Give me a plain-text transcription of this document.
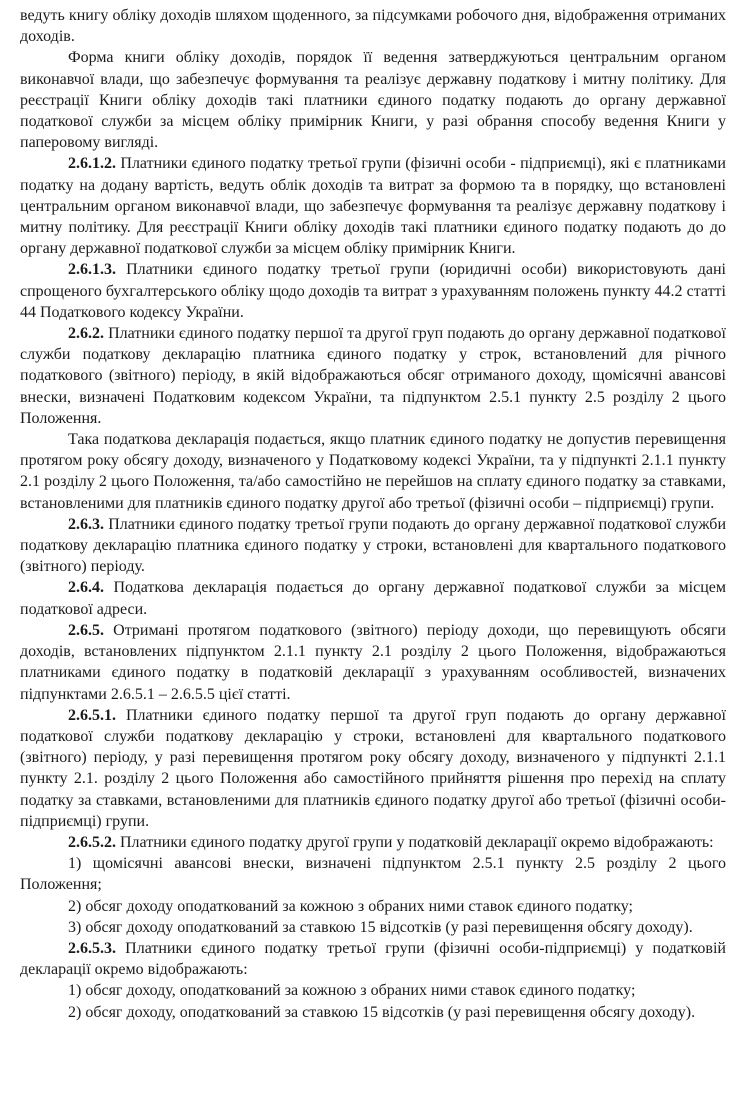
ведуть книгу обліку доходів шляхом щоденного, за підсумками робочого дня, відображення отриманих доходів.

Форма книги обліку доходів, порядок її ведення затверджуються центральним органом виконавчої влади, що забезпечує формування та реалізує державну податкову і митну політику. Для реєстрації Книги обліку доходів такі платники єдиного податку подають до органу державної податкової служби за місцем обліку примірник Книги, у разі обрання способу ведення Книги у паперовому вигляді.

2.6.1.2. Платники єдиного податку третьої групи (фізичні особи - підприємці), які є платниками податку на додану вартість, ведуть облік доходів та витрат за формою та в порядку, що встановлені центральним органом виконавчої влади, що забезпечує формування та реалізує державну податкову і митну політику. Для реєстрації Книги обліку доходів такі платники єдиного податку подають до до органу державної податкової служби за місцем обліку примірник Книги.

2.6.1.3. Платники єдиного податку третьої групи (юридичні особи) використовують дані спрощеного бухгалтерського обліку щодо доходів та витрат з урахуванням положень пункту 44.2 статті 44 Податкового кодексу України.

2.6.2. Платники єдиного податку першої та другої груп подають до органу державної податкової служби податкову декларацію платника єдиного податку у строк, встановлений для річного податкового (звітного) періоду, в якій відображаються обсяг отриманого доходу, щомісячні авансові внески, визначені Податковим кодексом України, та підпунктом 2.5.1 пункту 2.5 розділу 2 цього Положення.

Така податкова декларація подається, якщо платник єдиного податку не допустив перевищення протягом року обсягу доходу, визначеного у Податковому кодексі України, та у підпункті 2.1.1 пункту 2.1 розділу 2 цього Положення, та/або самостійно не перейшов на сплату єдиного податку за ставками, встановленими для платників єдиного податку другої або третьої (фізичні особи – підприємці) групи.

2.6.3. Платники єдиного податку третьої групи подають до органу державної податкової служби податкову декларацію платника єдиного податку у строки, встановлені для квартального податкового (звітного) періоду.

2.6.4. Податкова декларація подається до органу державної податкової служби за місцем податкової адреси.

2.6.5. Отримані протягом податкового (звітного) періоду доходи, що перевищують обсяги доходів, встановлених підпунктом 2.1.1 пункту 2.1 розділу 2 цього Положення, відображаються платниками єдиного податку в податковій декларації з урахуванням особливостей, визначених підпунктами 2.6.5.1 – 2.6.5.5 цієї статті.

2.6.5.1. Платники єдиного податку першої та другої груп подають до органу державної податкової служби податкову декларацію у строки, встановлені для квартального податкового (звітного) періоду, у разі перевищення протягом року обсягу доходу, визначеного у підпункті 2.1.1 пункту 2.1. розділу 2 цього Положення або самостійного прийняття рішення про перехід на сплату податку за ставками, встановленими для платників єдиного податку другої або третьої (фізичні особи-підприємці) групи.

2.6.5.2. Платники єдиного податку другої групи у податковій декларації окремо відображають:

1) щомісячні авансові внески, визначені підпунктом 2.5.1 пункту 2.5 розділу 2 цього Положення;

2) обсяг доходу оподаткований за кожною з обраних ними ставок єдиного податку;

3) обсяг доходу оподаткований за ставкою 15 відсотків (у разі перевищення обсягу доходу).

2.6.5.3. Платники єдиного податку третьої групи (фізичні особи-підприємці) у податковій декларації окремо відображають:

1) обсяг доходу, оподаткований за кожною з обраних ними ставок єдиного податку;

2) обсяг доходу, оподаткований за ставкою 15 відсотків (у разі перевищення обсягу доходу).
